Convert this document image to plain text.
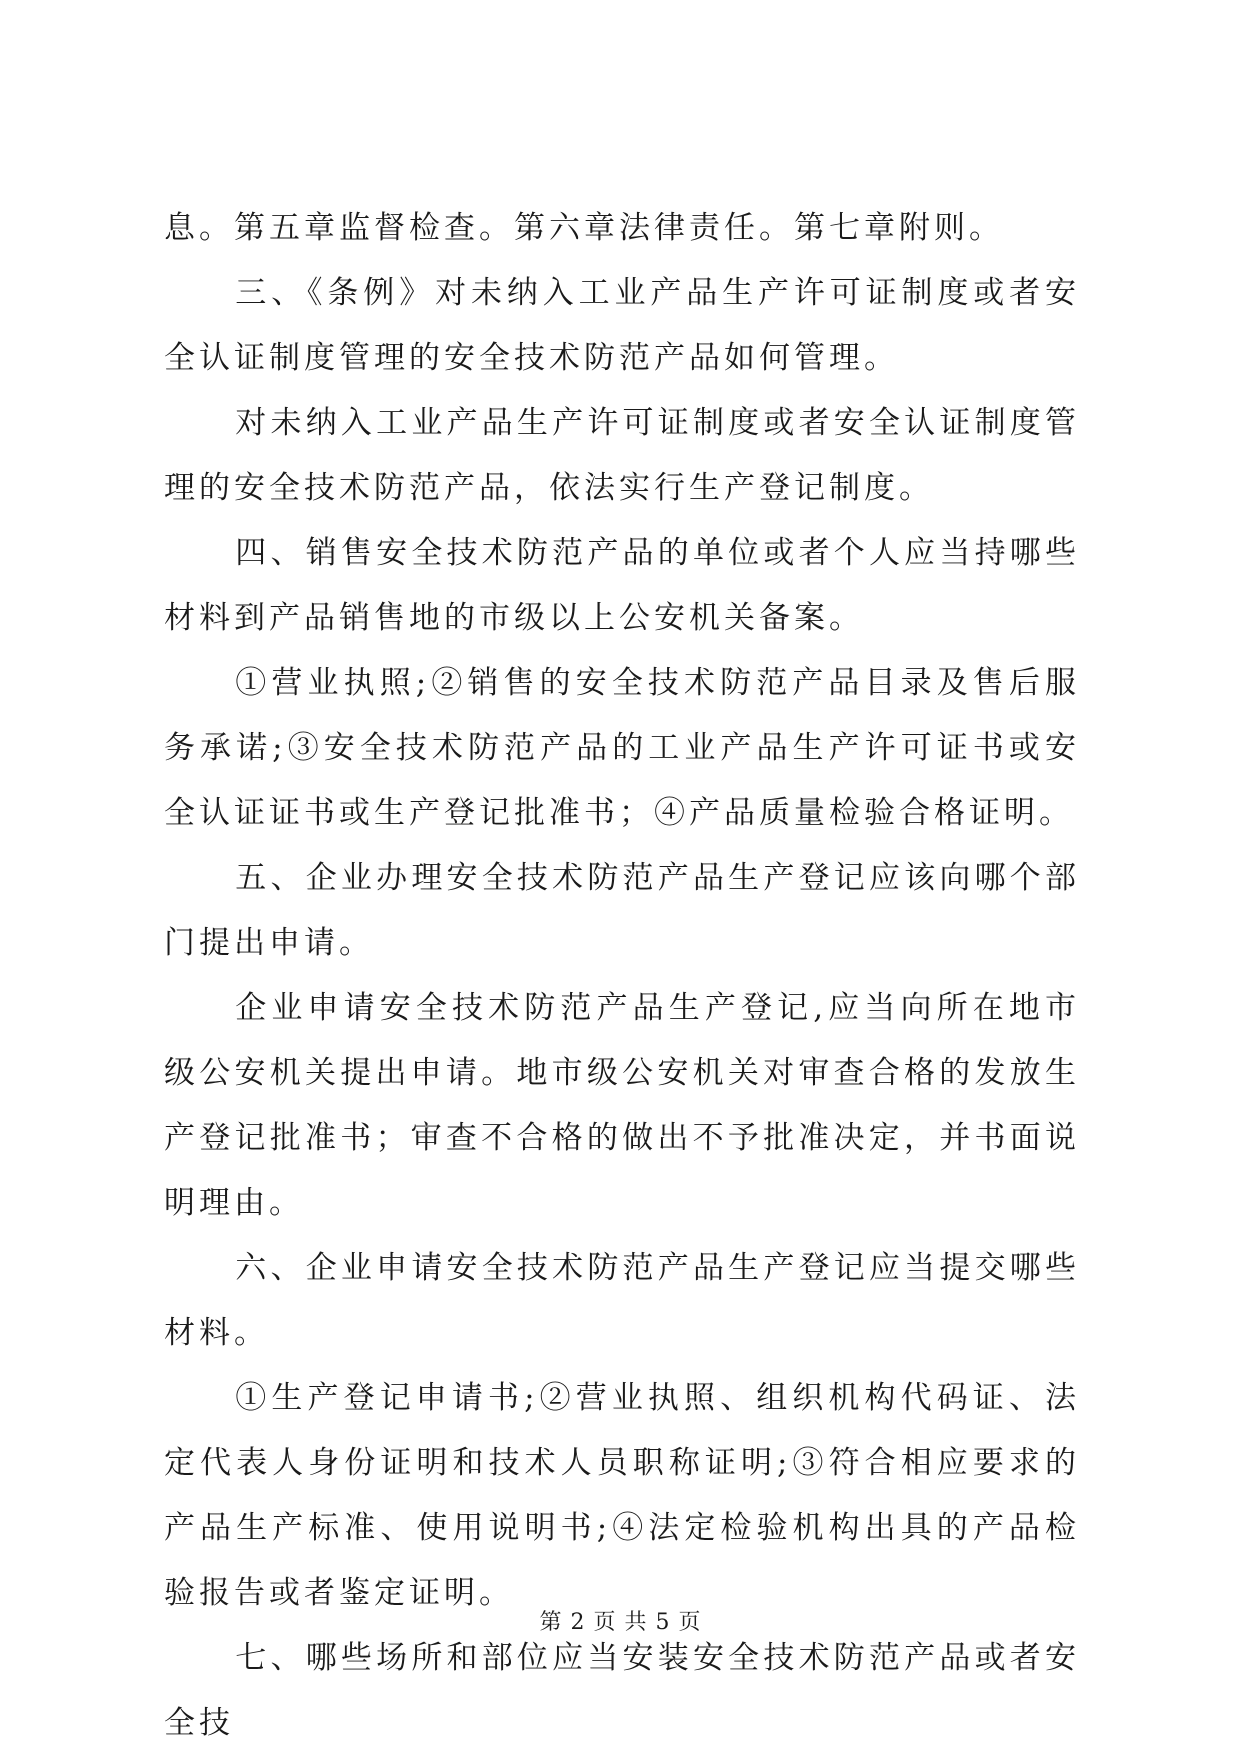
息。第五章监督检查。第六章法律责任。第七章附则。

三、《条例》对未纳入工业产品生产许可证制度或者安全认证制度管理的安全技术防范产品如何管理。

对未纳入工业产品生产许可证制度或者安全认证制度管理的安全技术防范产品，依法实行生产登记制度。

四、销售安全技术防范产品的单位或者个人应当持哪些材料到产品销售地的市级以上公安机关备案。

①营业执照;②销售的安全技术防范产品目录及售后服务承诺;③安全技术防范产品的工业产品生产许可证书或安全认证证书或生产登记批准书；④产品质量检验合格证明。

五、企业办理安全技术防范产品生产登记应该向哪个部门提出申请。

企业申请安全技术防范产品生产登记,应当向所在地市级公安机关提出申请。地市级公安机关对审查合格的发放生产登记批准书；审查不合格的做出不予批准决定，并书面说明理由。

六、企业申请安全技术防范产品生产登记应当提交哪些材料。

①生产登记申请书;②营业执照、组织机构代码证、法定代表人身份证明和技术人员职称证明;③符合相应要求的产品生产标准、使用说明书;④法定检验机构出具的产品检验报告或者鉴定证明。

七、哪些场所和部位应当安装安全技术防范产品或者安全技

第 2 页 共 5 页
